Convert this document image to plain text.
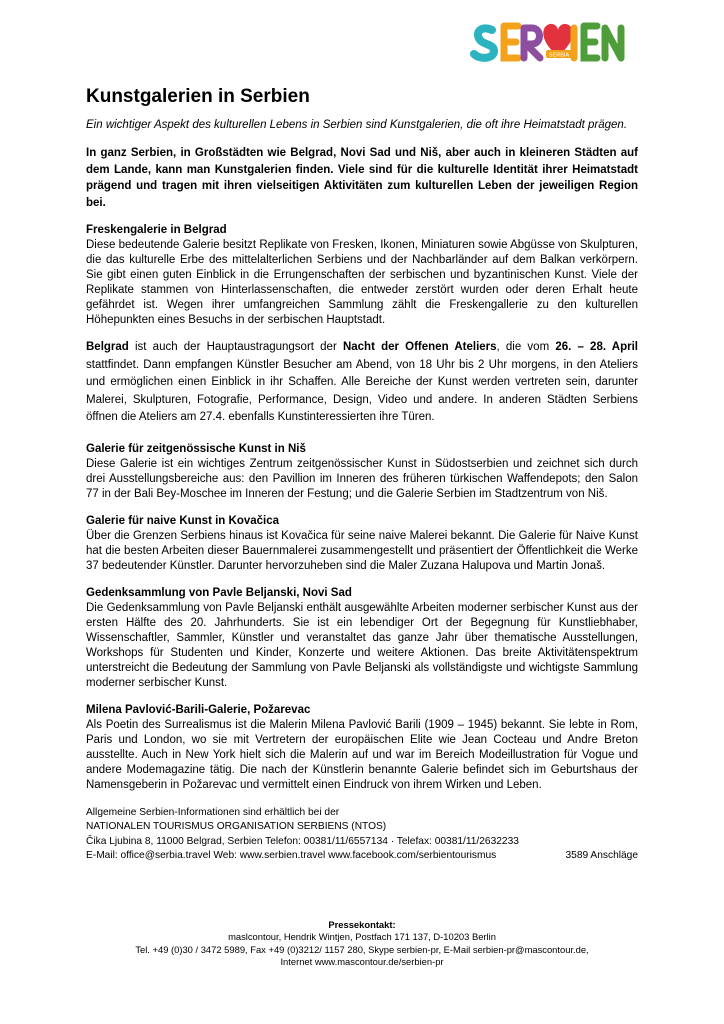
SERBIA
Kunstgalerien in Serbien

Ein wichtiger Aspekt des kulturellen Lebens in Serbien sind Kunstgalerien, die oft ihre Heimatstadt prägen.

In ganz Serbien, in Großstädten wie Belgrad, Novi Sad und Niš, aber auch in kleineren Städten auf dem Lande, kann man Kunstgalerien finden. Viele sind für die kulturelle Identität ihrer Heimatstadt prägend und tragen mit ihren vielseitigen Aktivitäten zum kulturellen Leben der jeweiligen Region bei.

Freskengalerie in Belgrad

Diese bedeutende Galerie besitzt Replikate von Fresken, Ikonen, Miniaturen sowie Abgüsse von Skulpturen, die das kulturelle Erbe des mittelalterlichen Serbiens und der Nachbarländer auf dem Balkan verkörpern. Sie gibt einen guten Einblick in die Errungenschaften der serbischen und byzantinischen Kunst. Viele der Replikate stammen von Hinterlassenschaften, die entweder zerstört wurden oder deren Erhalt heute gefährdet ist. Wegen ihrer umfangreichen Sammlung zählt die Freskengallerie zu den kulturellen Höhepunkten eines Besuchs in der serbischen Hauptstadt.

Belgrad ist auch der Hauptaustragungsort der Nacht der Offenen Ateliers, die vom 26. – 28. April stattfindet. Dann empfangen Künstler Besucher am Abend, von 18 Uhr bis 2 Uhr morgens, in den Ateliers und ermöglichen einen Einblick in ihr Schaffen. Alle Bereiche der Kunst werden vertreten sein, darunter Malerei, Skulpturen, Fotografie, Performance, Design, Video und andere. In anderen Städten Serbiens öffnen die Ateliers am 27.4. ebenfalls Kunstinteressierten ihre Türen.

Galerie für zeitgenössische Kunst in Niš

Diese Galerie ist ein wichtiges Zentrum zeitgenössischer Kunst in Südostserbien und zeichnet sich durch drei Ausstellungsbereiche aus: den Pavillion im Inneren des früheren türkischen Waffendepots; den Salon 77 in der Bali Bey-Moschee im Inneren der Festung; und die Galerie Serbien im Stadtzentrum von Niš.

Galerie für naive Kunst in Kovačica

Über die Grenzen Serbiens hinaus ist Kovačica für seine naive Malerei bekannt. Die Galerie für Naive Kunst hat die besten Arbeiten dieser Bauernmalerei zusammengestellt und präsentiert der Öffentlichkeit die Werke 37 bedeutender Künstler. Darunter hervorzuheben sind die Maler Zuzana Halupova und Martin Jonaš.

Gedenksammlung von Pavle Beljanski, Novi Sad

Die Gedenksammlung von Pavle Beljanski enthält ausgewählte Arbeiten moderner serbischer Kunst aus der ersten Hälfte des 20. Jahrhunderts. Sie ist ein lebendiger Ort der Begegnung für Kunstliebhaber, Wissenschaftler, Sammler, Künstler und veranstaltet das ganze Jahr über thematische Ausstellungen, Workshops für Studenten und Kinder, Konzerte und weitere Aktionen. Das breite Aktivitätenspektrum unterstreicht die Bedeutung der Sammlung von Pavle Beljanski als vollständigste und wichtigste Sammlung moderner serbischer Kunst.

Milena Pavlović-Barili-Galerie, Požarevac

Als Poetin des Surrealismus ist die Malerin Milena Pavlović Barili (1909 – 1945) bekannt. Sie lebte in Rom, Paris und London, wo sie mit Vertretern der europäischen Elite wie Jean Cocteau und Andre Breton ausstellte. Auch in New York hielt sich die Malerin auf und war im Bereich Modeillustration für Vogue und andere Modemagazine tätig. Die nach der Künstlerin benannte Galerie befindet sich im Geburtshaus der Namensgeberin in Požarevac und vermittelt einen Eindruck von ihrem Wirken und Leben.

Allgemeine Serbien-Informationen sind erhältlich bei der
NATIONALEN TOURISMUS ORGANISATION SERBIENS (NTOS)
Čika Ljubina 8, 11000 Belgrad, Serbien Telefon: 00381/11/6557134 · Telefax: 00381/11/2632233
E-Mail: office@serbia.travel Web: www.serbien.travel www.facebook.com/serbientourismus	3589 Anschläge
Pressekontakt:
maslcontour, Hendrik Wintjen, Postfach 171 137, D-10203 Berlin
Tel. +49 (0)30 / 3472 5989, Fax +49 (0)3212/ 1157 280, Skype serbien-pr, E-Mail serbien-pr@mascontour.de,
Internet www.mascontour.de/serbien-pr
